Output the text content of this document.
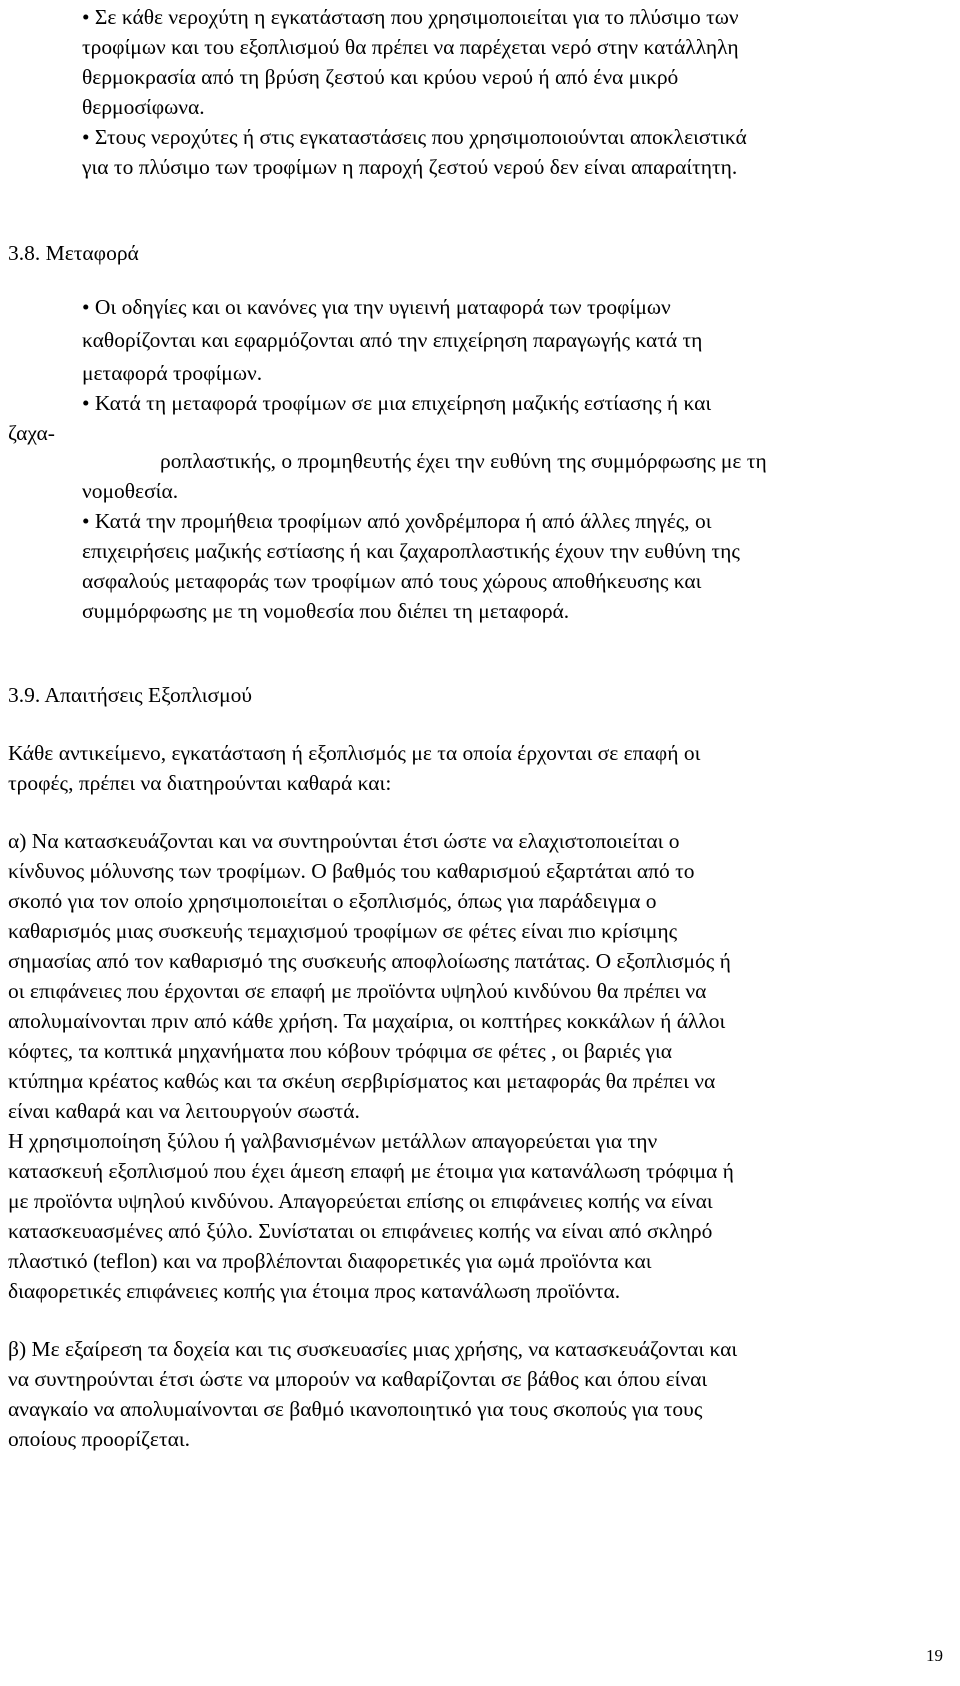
• Σε κάθε νεροχύτη η εγκατάσταση που χρησιμοποιείται για το πλύσιμο των
τροφίμων και του εξοπλισμού θα πρέπει να παρέχεται νερό στην κατάλληλη
θερμοκρασία από τη βρύση ζεστού και κρύου νερού ή από ένα μικρό
θερμοσίφωνα.
• Στους νεροχύτες ή στις εγκαταστάσεις που χρησιμοποιούνται αποκλειστικά
για το πλύσιμο των τροφίμων η παροχή ζεστού νερού δεν είναι απαραίτητη.
3.8. Μεταφορά
• Οι οδηγίες και οι κανόνες για την υγιεινή ματαφορά των τροφίμων
καθορίζονται και εφαρμόζονται από την επιχείρηση παραγωγής κατά τη
μεταφορά τροφίμων.
• Κατά τη μεταφορά τροφίμων σε μια επιχείρηση μαζικής εστίασης ή και
ζαχα-
ροπλαστικής, ο προμηθευτής έχει την ευθύνη της συμμόρφωσης με τη
νομοθεσία.
• Κατά την προμήθεια τροφίμων από χονδρέμπορα ή από άλλες πηγές, οι
επιχειρήσεις μαζικής εστίασης ή και ζαχαροπλαστικής έχουν την ευθύνη της
ασφαλούς μεταφοράς των τροφίμων από τους χώρους αποθήκευσης και
συμμόρφωσης με τη νομοθεσία που διέπει τη μεταφορά.
3.9. Απαιτήσεις Εξοπλισμού
Κάθε αντικείμενο, εγκατάσταση ή εξοπλισμός με τα οποία έρχονται σε επαφή οι
τροφές, πρέπει να διατηρούνται καθαρά και:
α) Να κατασκευάζονται και να συντηρούνται έτσι ώστε να ελαχιστοποιείται ο
κίνδυνος μόλυνσης των τροφίμων. Ο βαθμός του καθαρισμού εξαρτάται από το
σκοπό για τον οποίο χρησιμοποιείται ο εξοπλισμός, όπως για παράδειγμα ο
καθαρισμός μιας συσκευής τεμαχισμού τροφίμων σε φέτες είναι πιο κρίσιμης
σημασίας από τον καθαρισμό της συσκευής αποφλοίωσης πατάτας. Ο εξοπλισμός ή
οι επιφάνειες που έρχονται σε επαφή με προϊόντα υψηλού κινδύνου θα πρέπει να
απολυμαίνονται πριν από κάθε χρήση. Τα μαχαίρια, οι κοπτήρες κοκκάλων ή άλλοι
κόφτες, τα κοπτικά μηχανήματα που κόβουν τρόφιμα σε φέτες , οι βαριές για
κτύπημα κρέατος καθώς και τα σκέυη σερβιρίσματος και μεταφοράς θα πρέπει να
είναι καθαρά και να λειτουργούν σωστά.
Η χρησιμοποίηση ξύλου ή γαλβανισμένων μετάλλων απαγορεύεται για την
κατασκευή εξοπλισμού που έχει άμεση επαφή με έτοιμα για κατανάλωση τρόφιμα ή
με προϊόντα υψηλού κινδύνου. Απαγορεύεται επίσης οι επιφάνειες κοπής να είναι
κατασκευασμένες από ξύλο. Συνίσταται οι επιφάνειες κοπής να είναι από σκληρό
πλαστικό (teflon) και να προβλέπονται διαφορετικές για ωμά προϊόντα και
διαφορετικές επιφάνειες κοπής για έτοιμα προς κατανάλωση προϊόντα.
β) Με εξαίρεση τα δοχεία και τις συσκευασίες μιας χρήσης, να κατασκευάζονται και
να συντηρούνται έτσι ώστε να μπορούν να καθαρίζονται σε βάθος και όπου είναι
αναγκαίο να απολυμαίνονται σε βαθμό ικανοποιητικό για τους σκοπούς για τους
οποίους προορίζεται.
19
